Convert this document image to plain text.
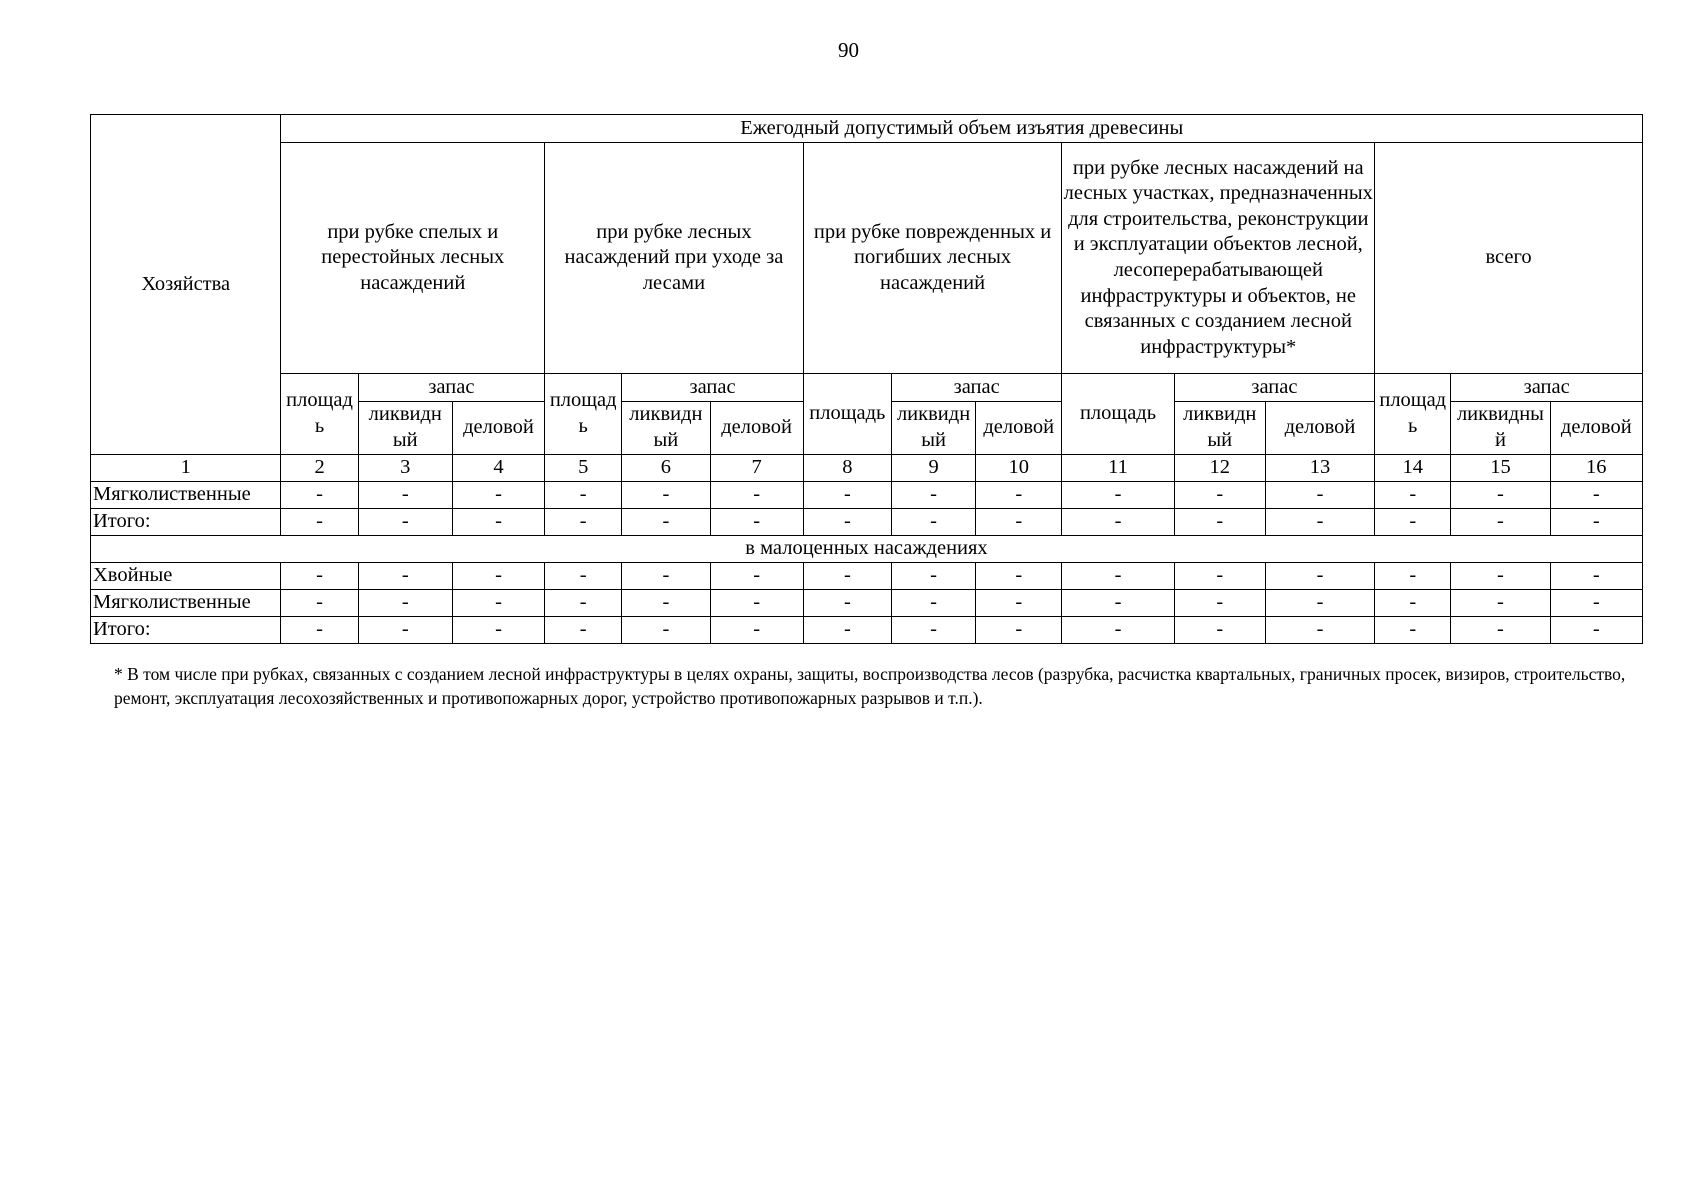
90
Хозяйства	Ежегодный допустимый объем изъятия древесины														
	при рубке спелых и перестойных лесных насаждений			при рубке лесных насаждений при уходе за лесами			при рубке поврежденных и погибших лесных насаждений			при рубке лесных насаждений на лесных участках, предназначенных для строительства, реконструкции и эксплуатации объектов лесной, лесоперерабатывающей инфраструктуры и объектов, не связанных с созданием лесной инфраструктуры*			всего		
	площад ь	запас		площад ь	запас		площадь	запас		площадь	запас		площад ь	запас	
		ликвидн ый	деловой		ликвидн ый	деловой		ликвидн ый	деловой		ликвидн ый	деловой		ликвидны й	деловой
1	2	3	4	5	6	7	8	9	10	11	12	13	14	15	16
Мягколиственные	-	-	-	-	-	-	-	-	-	-	-	-	-	-	-
Итого:	-	-	-	-	-	-	-	-	-	-	-	-	-	-	-
в малоценных насаждениях															
Хвойные	-	-	-	-	-	-	-	-	-	-	-	-	-	-	-
Мягколиственные	-	-	-	-	-	-	-	-	-	-	-	-	-	-	-
Итого:	-	-	-	-	-	-	-	-	-	-	-	-	-	-	-
* В том числе при рубках, связанных с созданием лесной инфраструктуры в целях охраны, защиты, воспроизводства лесов (разрубка, расчистка квартальных, граничных просек, визиров, строительство, ремонт, эксплуатация лесохозяйственных и противопожарных дорог, устройство противопожарных разрывов и т.п.).
